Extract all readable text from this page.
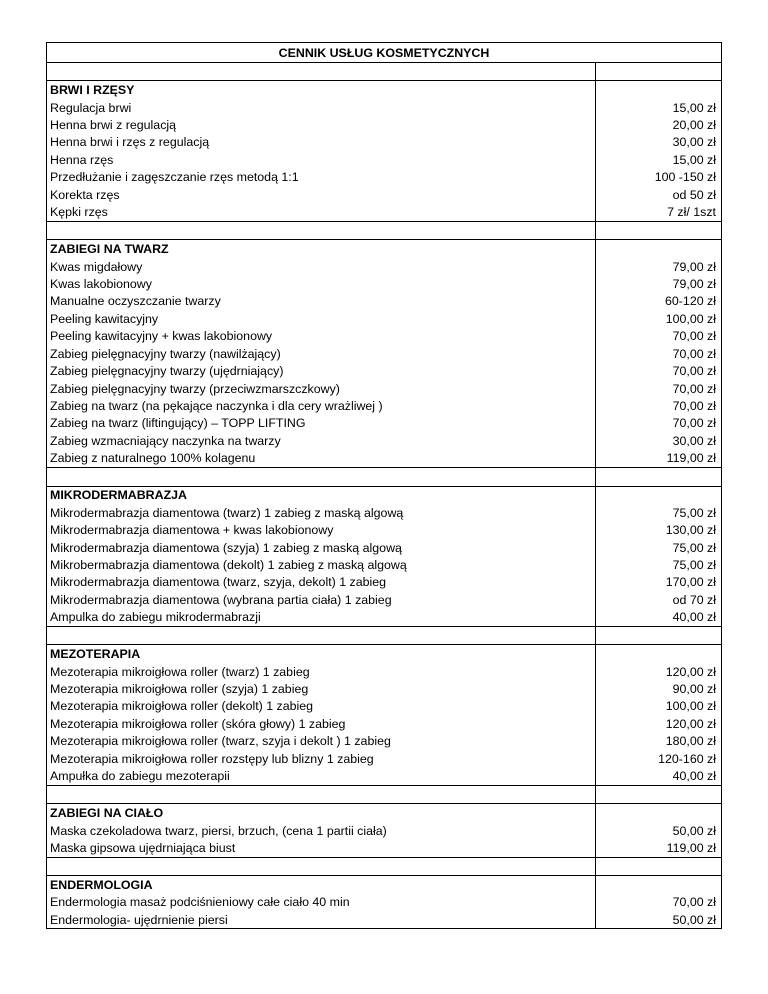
CENNIK USŁUG KOSMETYCZNYCH	

BRWI I RZĘSY	
Regulacja brwi	15,00 zł
Henna brwi z regulacją	20,00 zł
Henna brwi i rzęs z regulacją	30,00 zł
Henna rzęs	15,00 zł
Przedłużanie i zagęszczanie rzęs metodą 1:1	100 -150 zł
Korekta rzęs	od 50 zł
Kępki rzęs	7 zł/ 1szt

ZABIEGI NA TWARZ	
Kwas migdałowy	79,00 zł
Kwas lakobionowy	79,00 zł
Manualne oczyszczanie twarzy	60-120 zł
Peeling kawitacyjny	100,00 zł
Peeling kawitacyjny + kwas lakobionowy	70,00 zł
Zabieg pielęgnacyjny twarzy (nawilżający)	70,00 zł
Zabieg pielęgnacyjny twarzy (ujędrniający)	70,00 zł
Zabieg pielęgnacyjny twarzy (przeciwzmarszczkowy)	70,00 zł
Zabieg na twarz (na pękające naczynka i dla cery wrażliwej )	70,00 zł
Zabieg na twarz (liftingujący) – TOPP LIFTING	70,00 zł
Zabieg wzmacniający naczynka na twarzy	30,00 zł
Zabieg z naturalnego 100% kolagenu	119,00 zł

MIKRODERMABRAZJA	
Mikrodermabrazja diamentowa (twarz) 1 zabieg z maską algową	75,00 zł
Mikrodermabrazja diamentowa + kwas lakobionowy	130,00 zł
Mikrodermabrazja diamentowa (szyja) 1 zabieg z maską algową	75,00 zł
Mikrobermabrazja diamentowa (dekolt) 1 zabieg z maską algową	75,00 zł
Mikrodermabrazja diamentowa (twarz, szyja, dekolt) 1 zabieg	170,00 zł
Mikrodermabrazja diamentowa (wybrana partia ciała) 1 zabieg	od 70 zł
Ampulka do zabiegu mikrodermabrazji	40,00 zł

MEZOTERAPIA	
Mezoterapia mikroigłowa roller (twarz) 1 zabieg	120,00 zł
Mezoterapia mikroigłowa roller (szyja) 1 zabieg	90,00 zł
Mezoterapia mikroigłowa roller (dekolt) 1 zabieg	100,00 zł
Mezoterapia mikroigłowa roller (skóra głowy) 1 zabieg	120,00 zł
Mezoterapia mikroigłowa roller (twarz, szyja i dekolt ) 1 zabieg	180,00 zł
Mezoterapia mikroigłowa roller rozstępy lub blizny 1 zabieg	120-160 zł
Ampułka do zabiegu mezoterapii	40,00 zł

ZABIEGI NA CIAŁO	
Maska czekoladowa twarz, piersi, brzuch, (cena 1 partii ciała)	50,00 zł
Maska gipsowa ujędrniająca biust	119,00 zł

ENDERMOLOGIA	
Endermologia masaż podciśnieniowy całe ciało 40 min	70,00 zł
Endermologia- ujędrnienie piersi	50,00 zł
